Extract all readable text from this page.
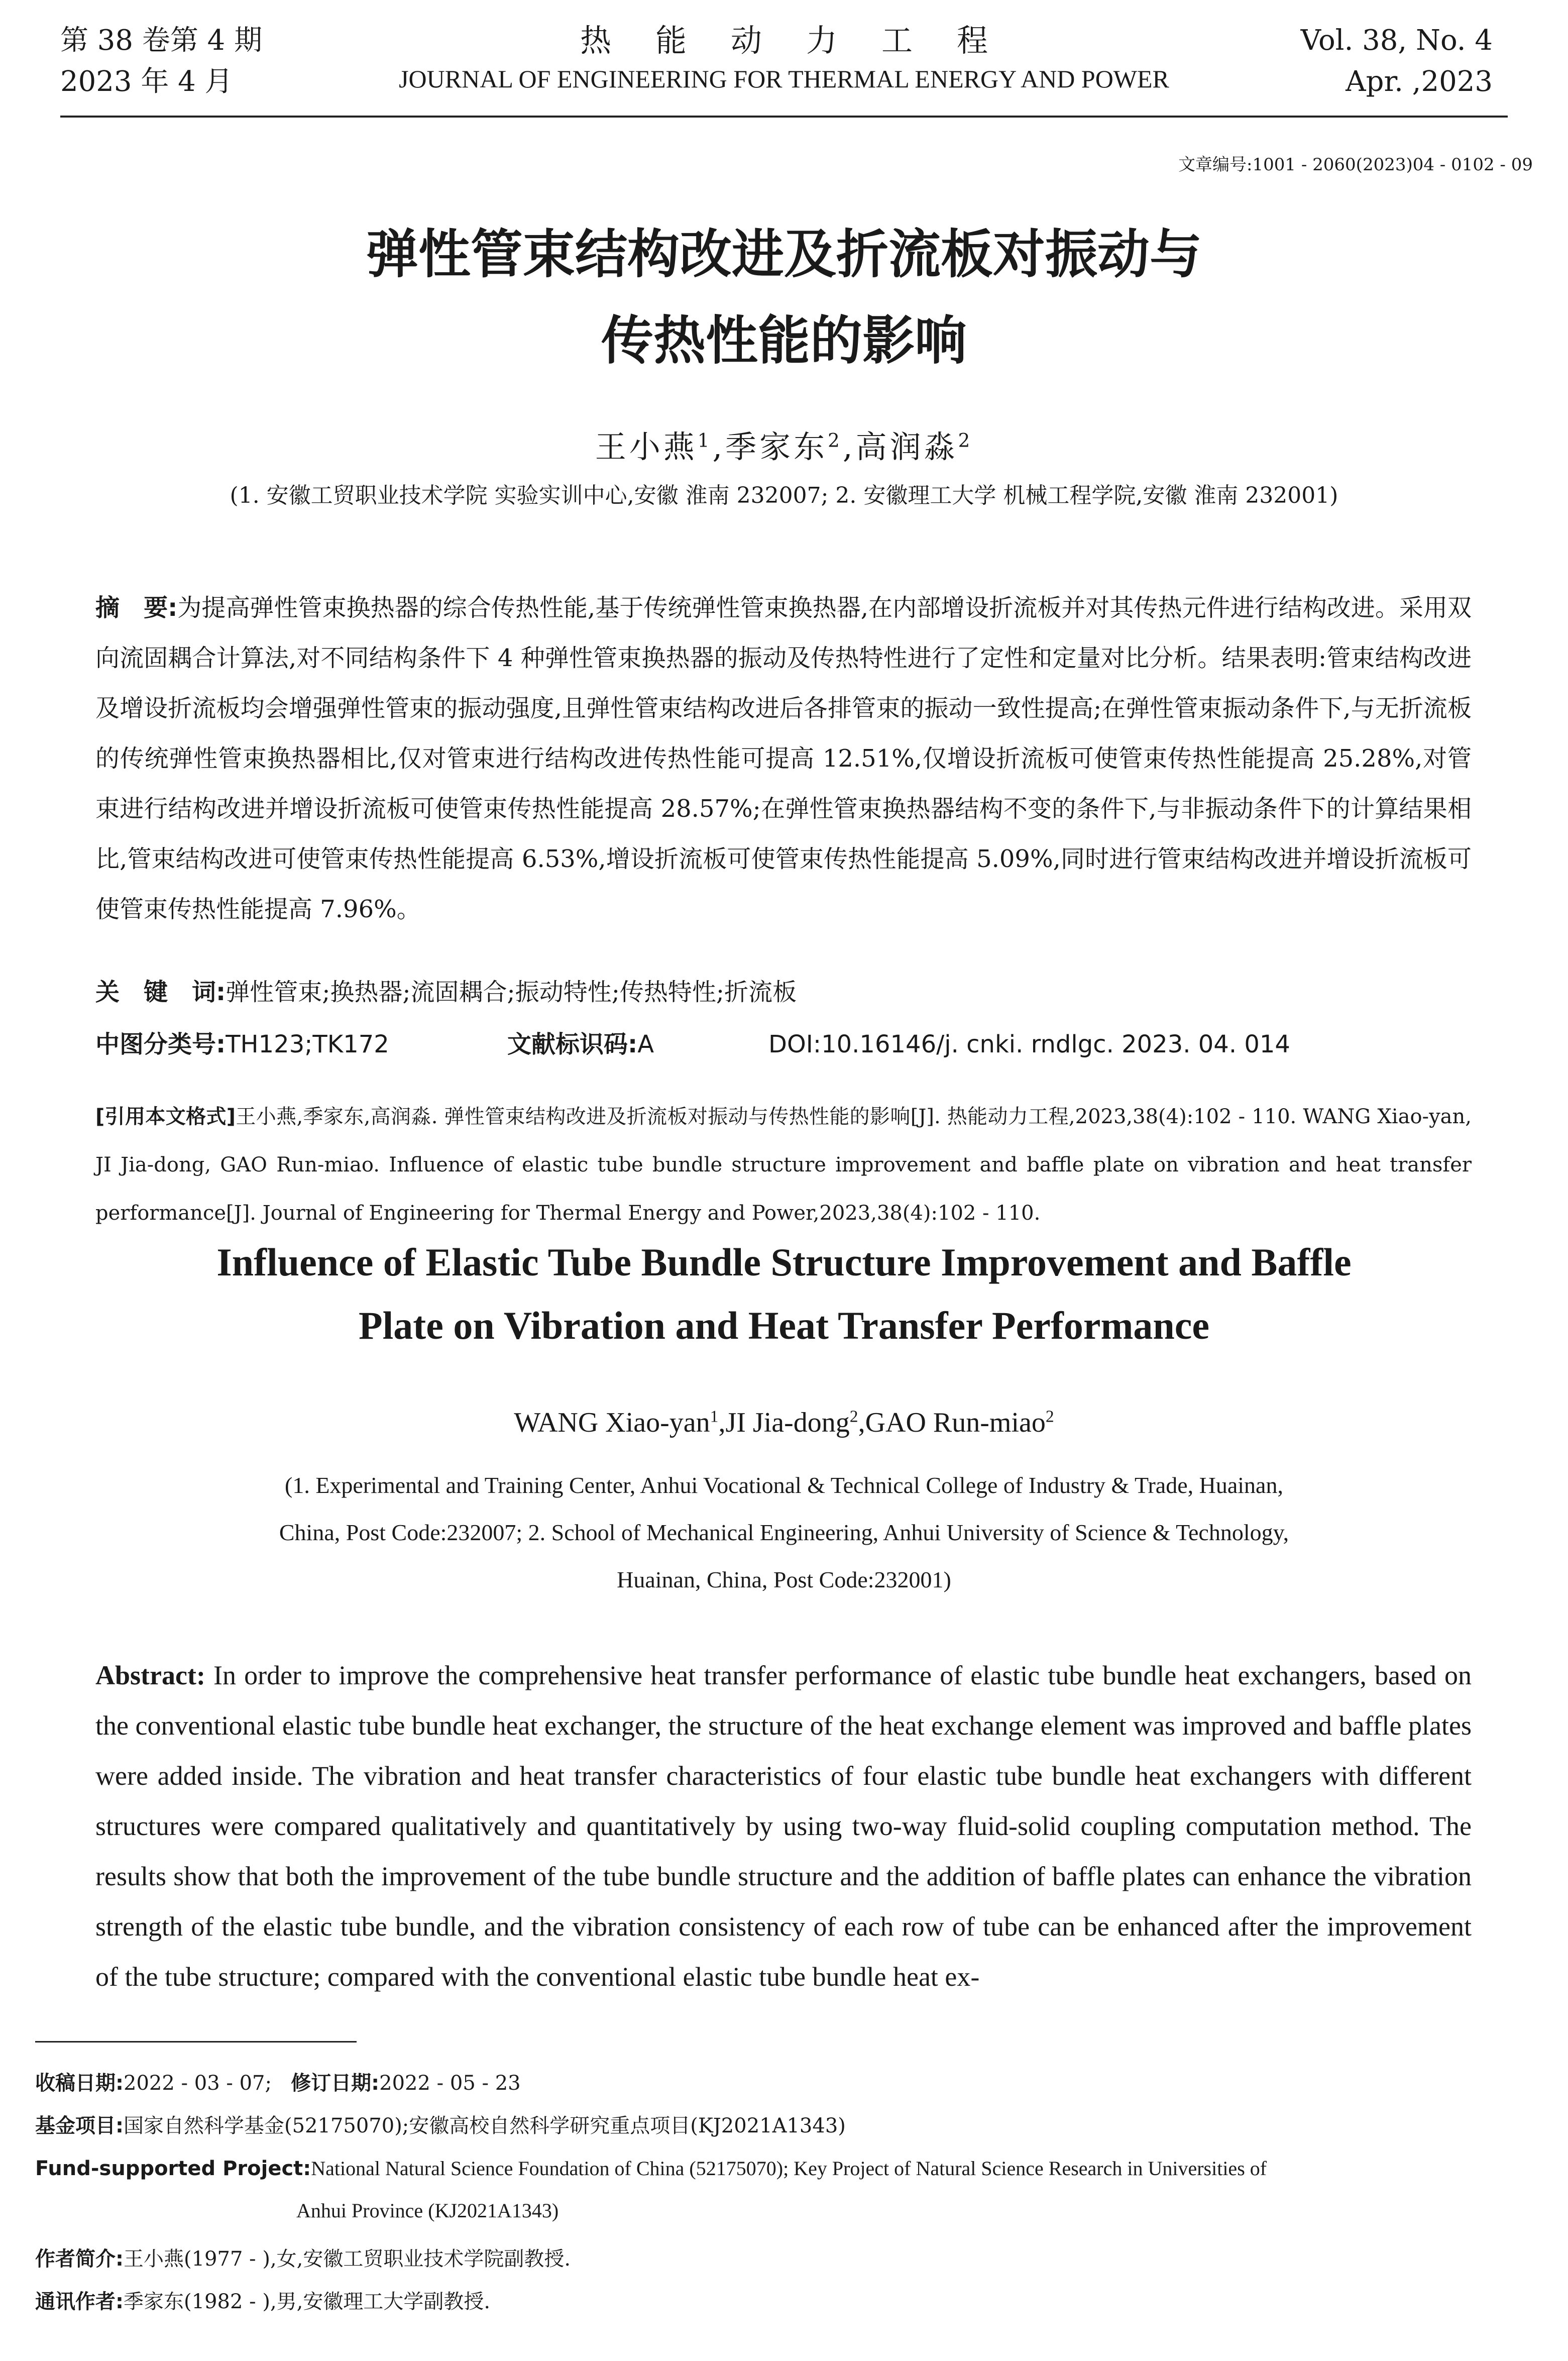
第 38 卷第 4 期
2023 年 4 月
热能动力工程
JOURNAL OF ENGINEERING FOR THERMAL ENERGY AND POWER
Vol. 38, No. 4
Apr. ,2023
文章编号:1001 - 2060(2023)04 - 0102 - 09
弹性管束结构改进及折流板对振动与
传热性能的影响
王小燕$^1$,季家东$^2$,高润淼$^2$
(1. 安徽工贸职业技术学院 实验实训中心,安徽 淮南 232007; 2. 安徽理工大学 机械工程学院,安徽 淮南 232001)
摘　要:为提高弹性管束换热器的综合传热性能,基于传统弹性管束换热器,在内部增设折流板并对其传热元件进行结构改进。采用双向流固耦合计算法,对不同结构条件下 4 种弹性管束换热器的振动及传热特性进行了定性和定量对比分析。结果表明:管束结构改进及增设折流板均会增强弹性管束的振动强度,且弹性管束结构改进后各排管束的振动一致性提高;在弹性管束振动条件下,与无折流板的传统弹性管束换热器相比,仅对管束进行结构改进传热性能可提高 12.51%,仅增设折流板可使管束传热性能提高 25.28%,对管束进行结构改进并增设折流板可使管束传热性能提高 28.57%;在弹性管束换热器结构不变的条件下,与非振动条件下的计算结果相比,管束结构改进可使管束传热性能提高 6.53%,增设折流板可使管束传热性能提高 5.09%,同时进行管束结构改进并增设折流板可使管束传热性能提高 7.96%。
关　键　词:弹性管束;换热器;流固耦合;振动特性;传热特性;折流板
中图分类号:TH123;TK172	文献标识码:A	DOI:10.16146/j. cnki. rndlgc. 2023. 04. 014
[引用本文格式]王小燕,季家东,高润淼. 弹性管束结构改进及折流板对振动与传热性能的影响[J]. 热能动力工程,2023,38(4):102 - 110. WANG Xiao-yan, JI Jia-dong, GAO Run-miao. Influence of elastic tube bundle structure improvement and baffle plate on vibration and heat transfer performance[J]. Journal of Engineering for Thermal Energy and Power,2023,38(4):102 - 110.
Influence of Elastic Tube Bundle Structure Improvement and Baffle
Plate on Vibration and Heat Transfer Performance
WANG Xiao-yan$^1$,JI Jia-dong$^2$,GAO Run-miao$^2$
(1. Experimental and Training Center, Anhui Vocational & Technical College of Industry & Trade, Huainan,
China, Post Code:232007; 2. School of Mechanical Engineering, Anhui University of Science & Technology,
Huainan, China, Post Code:232001)
Abstract: In order to improve the comprehensive heat transfer performance of elastic tube bundle heat exchangers, based on the conventional elastic tube bundle heat exchanger, the structure of the heat exchange element was improved and baffle plates were added inside. The vibration and heat transfer characteristics of four elastic tube bundle heat exchangers with different structures were compared qualitatively and quantitatively by using two-way fluid-solid coupling computation method. The results show that both the improvement of the tube bundle structure and the addition of baffle plates can enhance the vibration strength of the elastic tube bundle, and the vibration consistency of each row of tube can be enhanced after the improvement of the tube structure; compared with the conventional elastic tube bundle heat ex-
收稿日期:2022 - 03 - 07; 修订日期:2022 - 05 - 23
基金项目:国家自然科学基金(52175070);安徽高校自然科学研究重点项目(KJ2021A1343)
Fund-supported Project:National Natural Science Foundation of China (52175070); Key Project of Natural Science Research in Universities of
Anhui Province (KJ2021A1343)
作者简介:王小燕(1977 - ),女,安徽工贸职业技术学院副教授.
通讯作者:季家东(1982 - ),男,安徽理工大学副教授.
